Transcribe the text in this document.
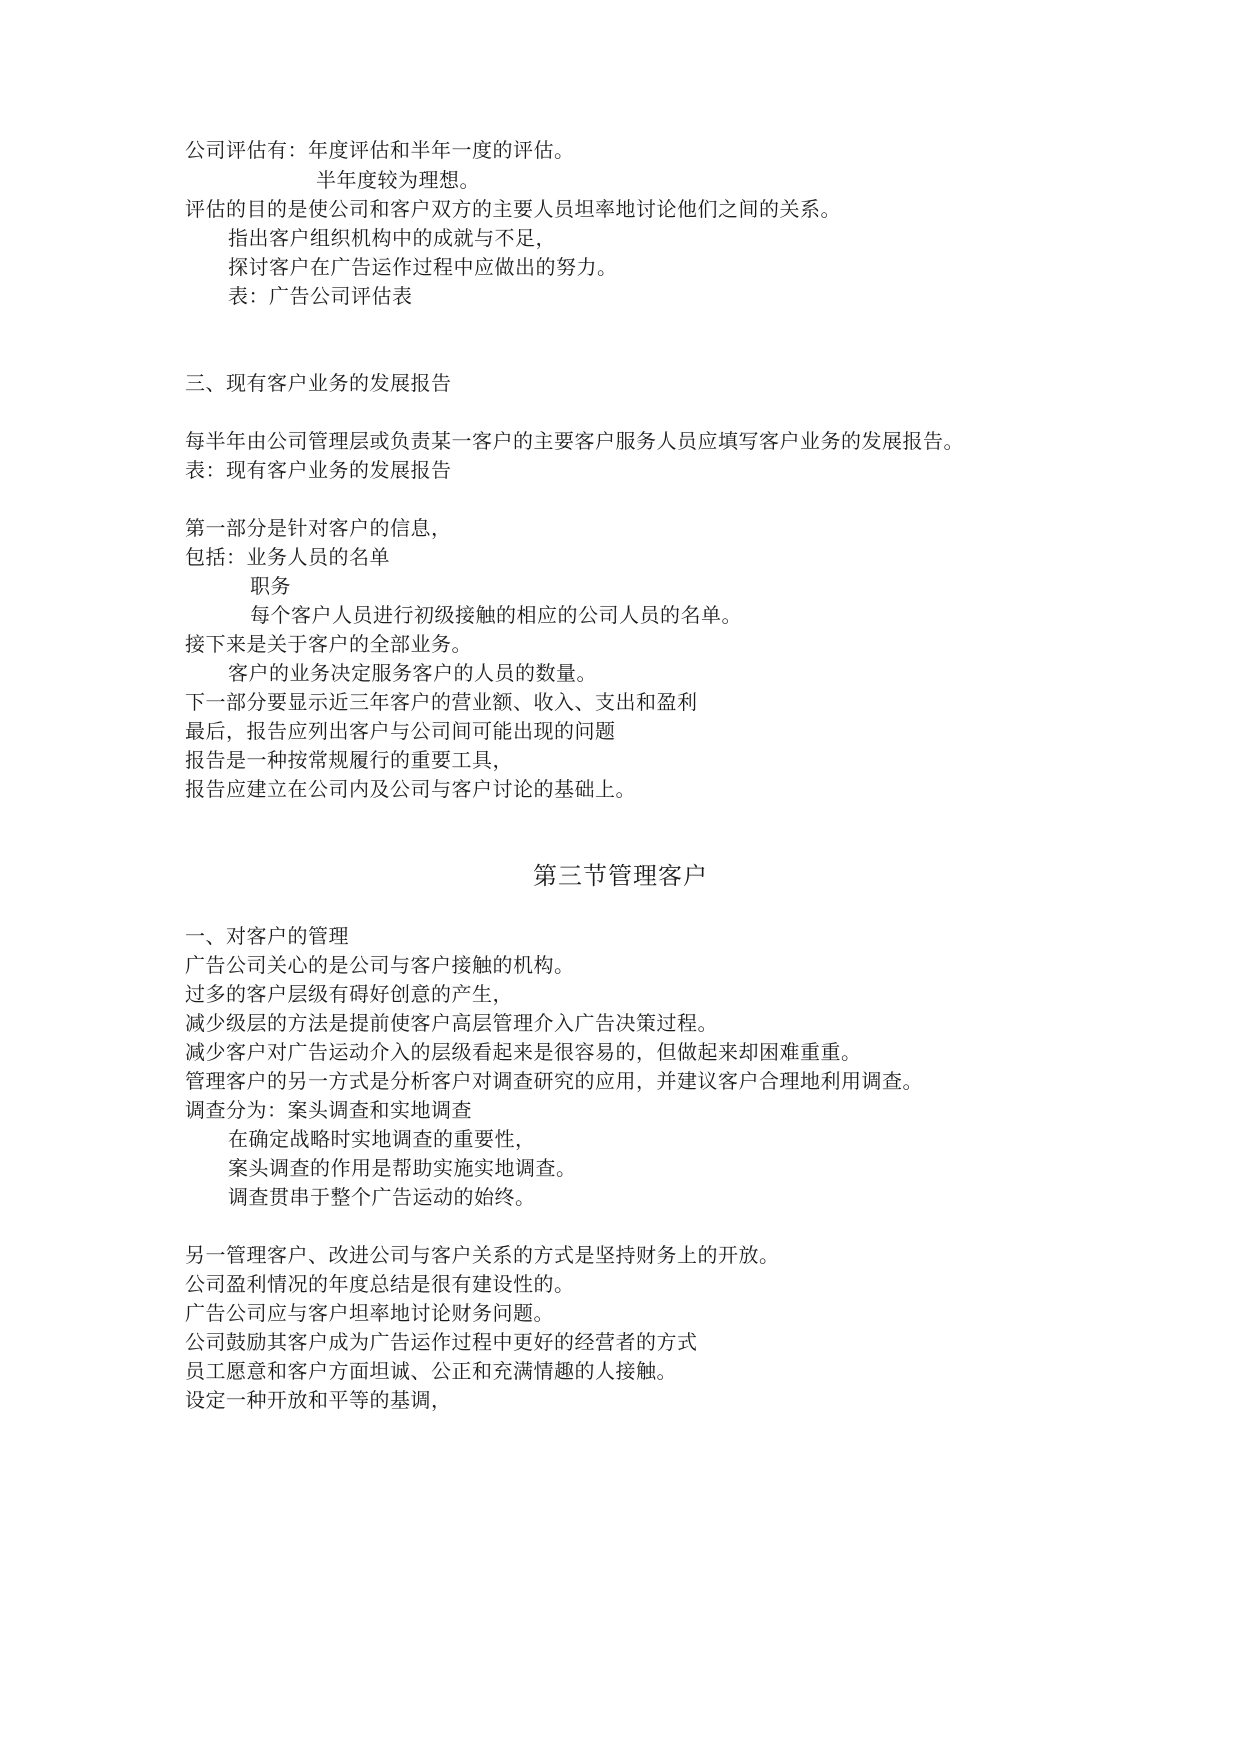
公司评估有：年度评估和半年一度的评估。
半年度较为理想。
评估的目的是使公司和客户双方的主要人员坦率地讨论他们之间的关系。
指出客户组织机构中的成就与不足，
探讨客户在广告运作过程中应做出的努力。
表：广告公司评估表
三、现有客户业务的发展报告
每半年由公司管理层或负责某一客户的主要客户服务人员应填写客户业务的发展报告。
表：现有客户业务的发展报告
第一部分是针对客户的信息，
包括：业务人员的名单
职务
每个客户人员进行初级接触的相应的公司人员的名单。
接下来是关于客户的全部业务。
客户的业务决定服务客户的人员的数量。
下一部分要显示近三年客户的营业额、收入、支出和盈利
最后，报告应列出客户与公司间可能出现的问题
报告是一种按常规履行的重要工具，
报告应建立在公司内及公司与客户讨论的基础上。
第三节管理客户
一、对客户的管理
广告公司关心的是公司与客户接触的机构。
过多的客户层级有碍好创意的产生，
减少级层的方法是提前使客户高层管理介入广告决策过程。
减少客户对广告运动介入的层级看起来是很容易的，但做起来却困难重重。
管理客户的另一方式是分析客户对调查研究的应用，并建议客户合理地利用调查。
调查分为：案头调查和实地调查
在确定战略时实地调查的重要性，
案头调查的作用是帮助实施实地调查。
调查贯串于整个广告运动的始终。
另一管理客户、改进公司与客户关系的方式是坚持财务上的开放。
公司盈利情况的年度总结是很有建设性的。
广告公司应与客户坦率地讨论财务问题。
公司鼓励其客户成为广告运作过程中更好的经营者的方式
员工愿意和客户方面坦诚、公正和充满情趣的人接触。
设定一种开放和平等的基调，
